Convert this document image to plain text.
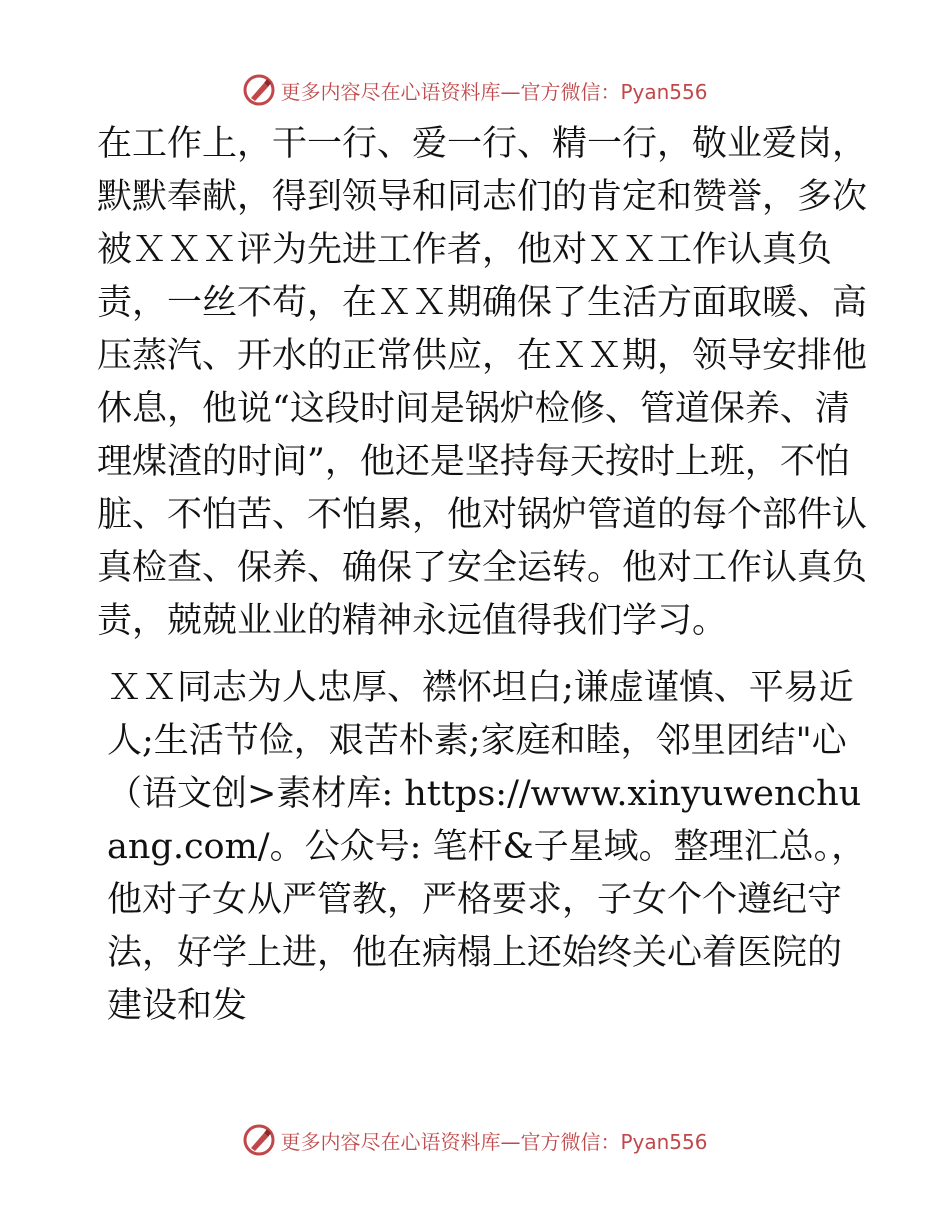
更多内容尽在心语资料库—官方微信：Pyan556

在工作上，干一行、爱一行、精一行，敬业爱岗，默默奉献，得到领导和同志们的肯定和赞誉，多次被ＸＸＸ评为先进工作者，他对ＸＸ工作认真负责，一丝不苟，在ＸＸ期确保了生活方面取暖、高压蒸汽、开水的正常供应，在ＸＸ期，领导安排他休息，他说“这段时间是锅炉检修、管道保养、清理煤渣的时间”，他还是坚持每天按时上班，不怕脏、不怕苦、不怕累，他对锅炉管道的每个部件认真检查、保养、确保了安全运转。他对工作认真负责，兢兢业业的精神永远值得我们学习。

ＸＸ同志为人忠厚、襟怀坦白;谦虚谨慎、平易近人;生活节俭，艰苦朴素;家庭和睦，邻里团结"心（语文创>素材库: https://www.xinyuwenchuang.com/。公众号: 笔杆&子星域。整理汇总。，他对子女从严管教，严格要求，子女个个遵纪守法，好学上进，他在病榻上还始终关心着医院的建设和发

更多内容尽在心语资料库—官方微信：Pyan556
